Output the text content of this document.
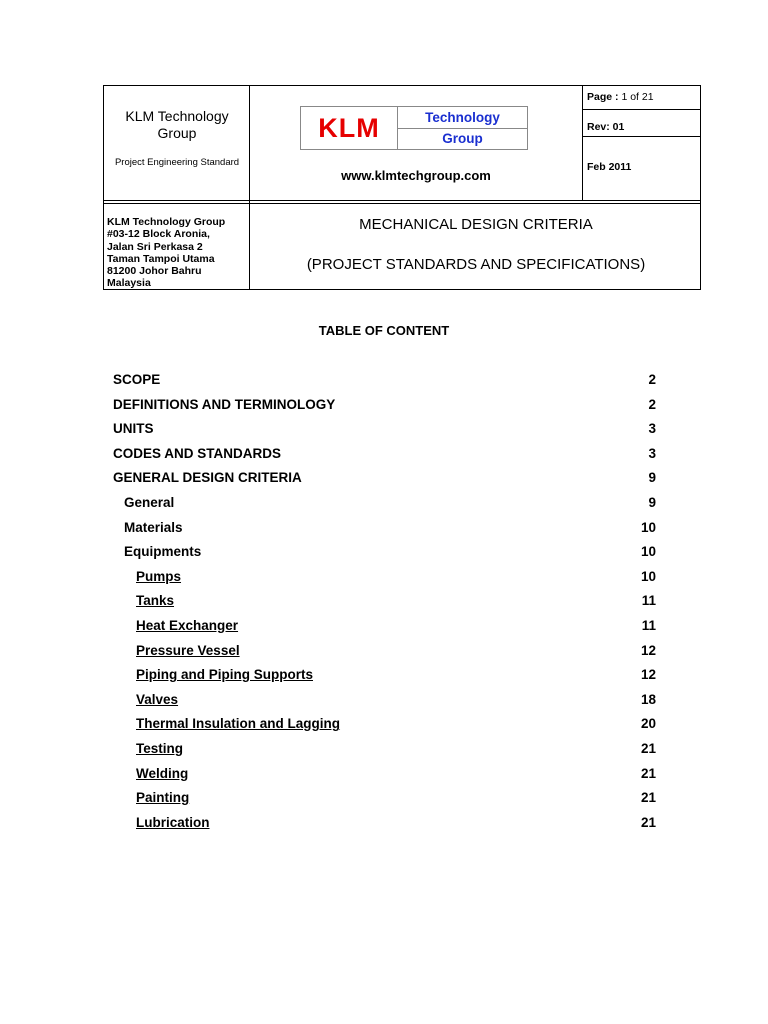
KLM Technology Group
Project Engineering Standard
KLM	Technology
Group
www.klmtechgroup.com
Page : 1 of 21
Rev: 01
Feb 2011
KLM Technology Group
#03-12 Block Aronia,
Jalan Sri Perkasa 2
Taman Tampoi Utama
81200 Johor Bahru
Malaysia
MECHANICAL DESIGN CRITERIA
(PROJECT STANDARDS AND SPECIFICATIONS)
TABLE OF CONTENT
SCOPE	2
DEFINITIONS AND TERMINOLOGY	2
UNITS	3
CODES AND STANDARDS	3
GENERAL DESIGN CRITERIA	9
General	9
Materials	10
Equipments	10
Pumps	10
Tanks	11
Heat Exchanger	11
Pressure Vessel	12
Piping and Piping Supports	12
Valves	18
Thermal Insulation and Lagging	20
Testing	21
Welding	21
Painting	21
Lubrication	21
